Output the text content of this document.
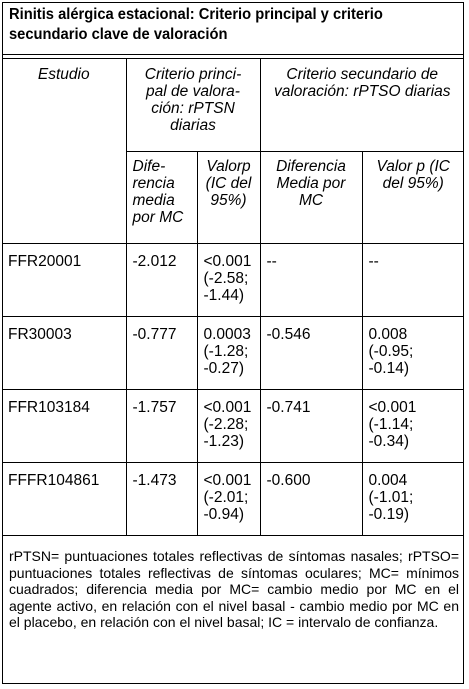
Rinitis alérgica estacional: Criterio principal y criterio
secundario clave de valoración
Estudio	Criterio princi-
pal de valora-
ción: rPTSN
diarias		Criterio secundario de
valoración: rPTSO diarias	

	Dife-
rencia
media
por MC	Valorp
(IC del
95%)	Diferencia
Media por
MC	Valor p (IC
del 95%)

FFR20001	-2.012	<0.001
(-2.58;
-1.44)	--	--

FR30003	-0.777	0.0003
(-1.28;
-0.27)	-0.546	0.008
(-0.95;
-0.14)

FFR103184	-1.757	<0.001
(-2.28;
-1.23)	-0.741	<0.001
(-1.14;
-0.34)

FFFR104861	-1.473	<0.001
(-2.01;
-0.94)	-0.600	0.004
(-1.01;
-0.19)
rPTSN= puntuaciones totales reflectivas de síntomas nasales; rPTSO= puntuaciones totales reflectivas de síntomas oculares; MC= mínimos cuadrados; diferencia media por MC= cambio medio por MC en el agente activo, en relación con el nivel basal - cambio medio por MC en el placebo, en relación con el nivel basal; IC = intervalo de confianza.
